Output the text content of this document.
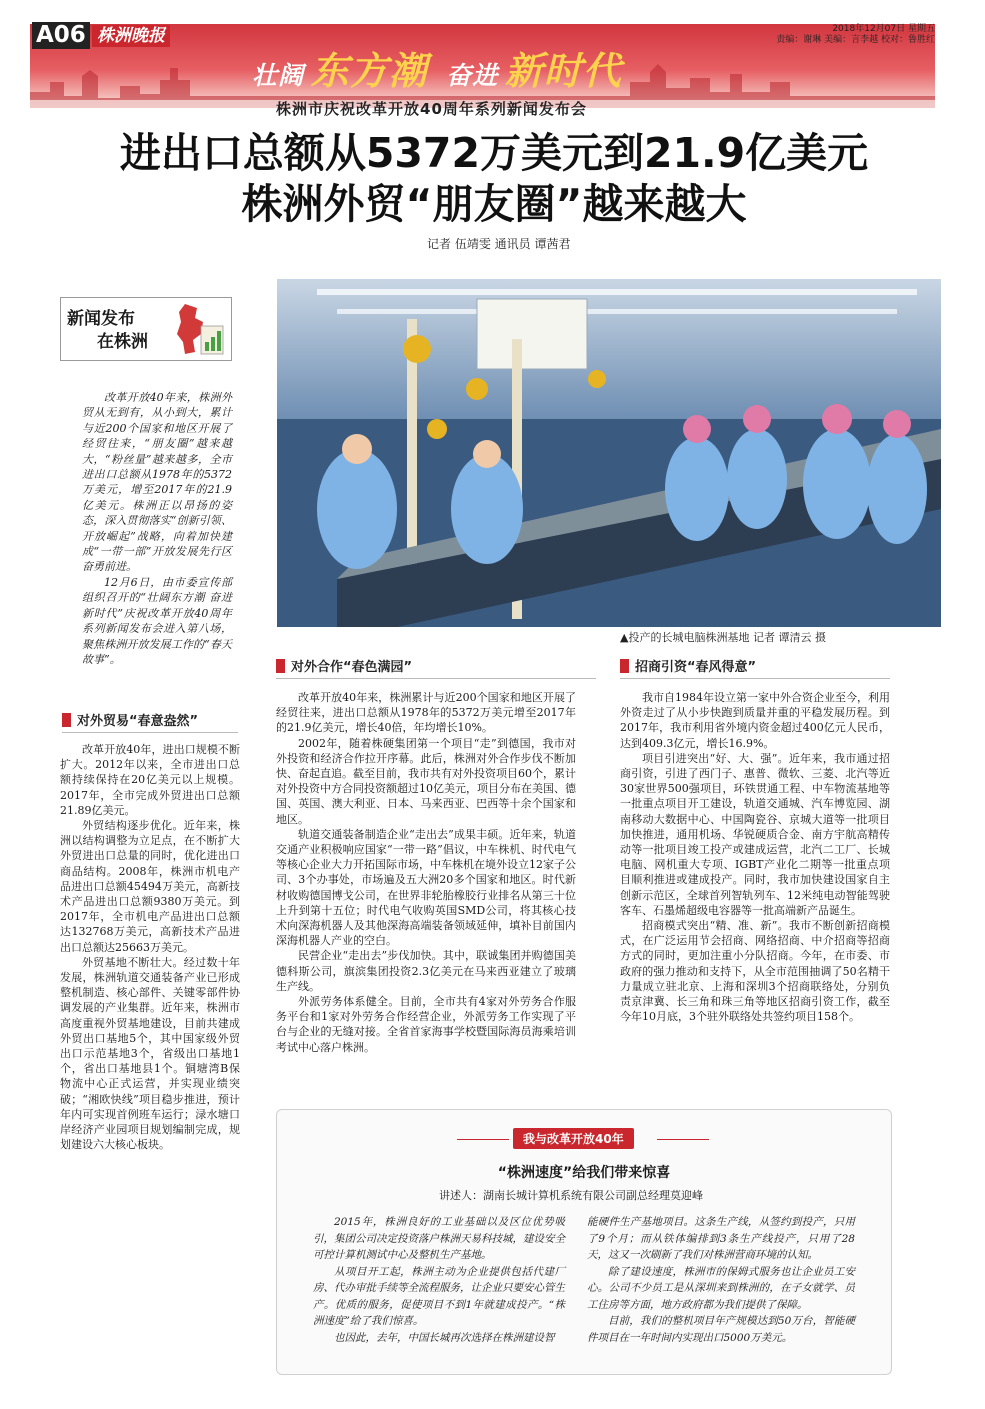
A06 株洲晚报	2018年12月07日 星期五
责编：谢琳 美编：言李越 校对：鲁胜红
壮阔 东方潮 奋进 新时代
株洲市庆祝改革开放40周年系列新闻发布会
进出口总额从5372万美元到21.9亿美元
株洲外贸“朋友圈”越来越大
记者 伍靖雯 通讯员 谭茜君
新闻发布
在株洲
▲投产的长城电脑株洲基地 记者 谭清云 摄

改革开放40年来，株洲外贸从无到有，从小到大，累计与近200个国家和地区开展了经贸往来，“朋友圈”越来越大，“粉丝量”越来越多，全市进出口总额从1978年的5372万美元，增至2017年的21.9亿美元。株洲正以昂扬的姿态，深入贯彻落实“创新引领、开放崛起”战略，向着加快建成“一带一部”开放发展先行区奋勇前进。

12月6日，由市委宣传部组织召开的“壮阔东方潮 奋进新时代”庆祝改革开放40周年系列新闻发布会进入第八场，聚焦株洲开放发展工作的“春天故事”。

对外贸易“春意盎然”

改革开放40年，进出口规模不断扩大。2012年以来，全市进出口总额持续保持在20亿美元以上规模。2017年，全市完成外贸进出口总额21.89亿美元。

外贸结构逐步优化。近年来，株洲以结构调整为立足点，在不断扩大外贸进出口总量的同时，优化进出口商品结构。2008年，株洲市机电产品进出口总额45494万美元，高新技术产品进出口总额9380万美元。到2017年，全市机电产品进出口总额达132768万美元，高新技术产品进出口总额达25663万美元。

外贸基地不断壮大。经过数十年发展，株洲轨道交通装备产业已形成整机制造、核心部件、关键零部件协调发展的产业集群。近年来，株洲市高度重视外贸基地建设，目前共建成外贸出口基地5个，其中国家级外贸出口示范基地3个，省级出口基地1个，省出口基地县1个。铜塘湾B保物流中心正式运营，并实现业绩突破；“湘欧快线”项目稳步推进，预计年内可实现首例班车运行；渌水塘口岸经济产业园项目规划编制完成，规划建设六大核心板块。

对外合作“春色满园”

改革开放40年来，株洲累计与近200个国家和地区开展了经贸往来，进出口总额从1978年的5372万美元增至2017年的21.9亿美元，增长40倍，年均增长10%。

2002年，随着株硬集团第一个项目“走”到德国，我市对外投资和经济合作拉开序幕。此后，株洲对外合作步伐不断加快、奋起直追。截至目前，我市共有对外投资项目60个，累计对外投资中方合同投资额超过10亿美元，项目分布在美国、德国、英国、澳大利亚、日本、马来西亚、巴西等十余个国家和地区。

轨道交通装备制造企业“走出去”成果丰硕。近年来，轨道交通产业积极响应国家“一带一路”倡议，中车株机、时代电气等核心企业大力开拓国际市场，中车株机在境外设立12家子公司、3个办事处，市场遍及五大洲20多个国家和地区。时代新材收购德国博戈公司，在世界非轮胎橡胶行业排名从第三十位上升到第十五位；时代电气收购英国SMD公司，将其核心技术向深海机器人及其他深海高端装备领域延伸，填补目前国内深海机器人产业的空白。

民营企业“走出去”步伐加快。其中，联诚集团并购德国美德科斯公司，旗滨集团投资2.3亿美元在马来西亚建立了玻璃生产线。

外派劳务体系健全。目前，全市共有4家对外劳务合作服务平台和1家对外劳务合作经营企业，外派劳务工作实现了平台与企业的无缝对接。全省首家海事学校暨国际海员海乘培训考试中心落户株洲。

招商引资“春风得意”

我市自1984年设立第一家中外合资企业至今，利用外资走过了从小步快跑到质量并重的平稳发展历程。到2017年，我市利用省外境内资金超过400亿元人民币，达到409.3亿元，增长16.9%。

项目引进突出“好、大、强”。近年来，我市通过招商引资，引进了西门子、惠普、微软、三菱、北汽等近30家世界500强项目，环铁贯通工程、中车物流基地等一批重点项目开工建设，轨道交通城、汽车博览园、湖南移动大数据中心、中国陶瓷谷、京城大道等一批项目加快推进，通用机场、华锐硬质合金、南方宇航高精传动等一批项目竣工投产或建成运营，北汽二工厂、长城电脑、网机重大专项、IGBT产业化二期等一批重点项目顺利推进或建成投产。同时，我市加快建设国家自主创新示范区，全球首列智轨列车、12米纯电动智能驾驶客车、石墨烯超级电容器等一批高端新产品诞生。

招商模式突出“精、准、新”。我市不断创新招商模式，在广泛运用节会招商、网络招商、中介招商等招商方式的同时，更加注重小分队招商。今年，在市委、市政府的强力推动和支持下，从全市范围抽调了50名精干力量成立驻北京、上海和深圳3个招商联络处，分别负责京津冀、长三角和珠三角等地区招商引资工作，截至今年10月底，3个驻外联络处共签约项目158个。

我与改革开放40年
“株洲速度”给我们带来惊喜
讲述人：湖南长城计算机系统有限公司副总经理莫迎峰

2015年，株洲良好的工业基础以及区位优势吸引，集团公司决定投资落户株洲天易科技城，建设安全可控计算机测试中心及整机生产基地。

从项目开工起，株洲主动为企业提供包括代建厂房、代办审批手续等全流程服务，让企业只要安心管生产。优质的服务，促使项目不到1年就建成投产。“株洲速度”给了我们惊喜。

也因此，去年，中国长城再次选择在株洲建设智

能硬件生产基地项目。这条生产线，从签约到投产，只用了9个月；而从铁体编排到3条生产线投产，只用了28天，这又一次刷新了我们对株洲营商环境的认知。

除了建设速度，株洲市的保姆式服务也让企业员工安心。公司不少员工是从深圳来到株洲的，在子女就学、员工住房等方面，地方政府都为我们提供了保障。

目前，我们的整机项目年产规模达到50万台，智能硬件项目在一年时间内实现出口5000万美元。
